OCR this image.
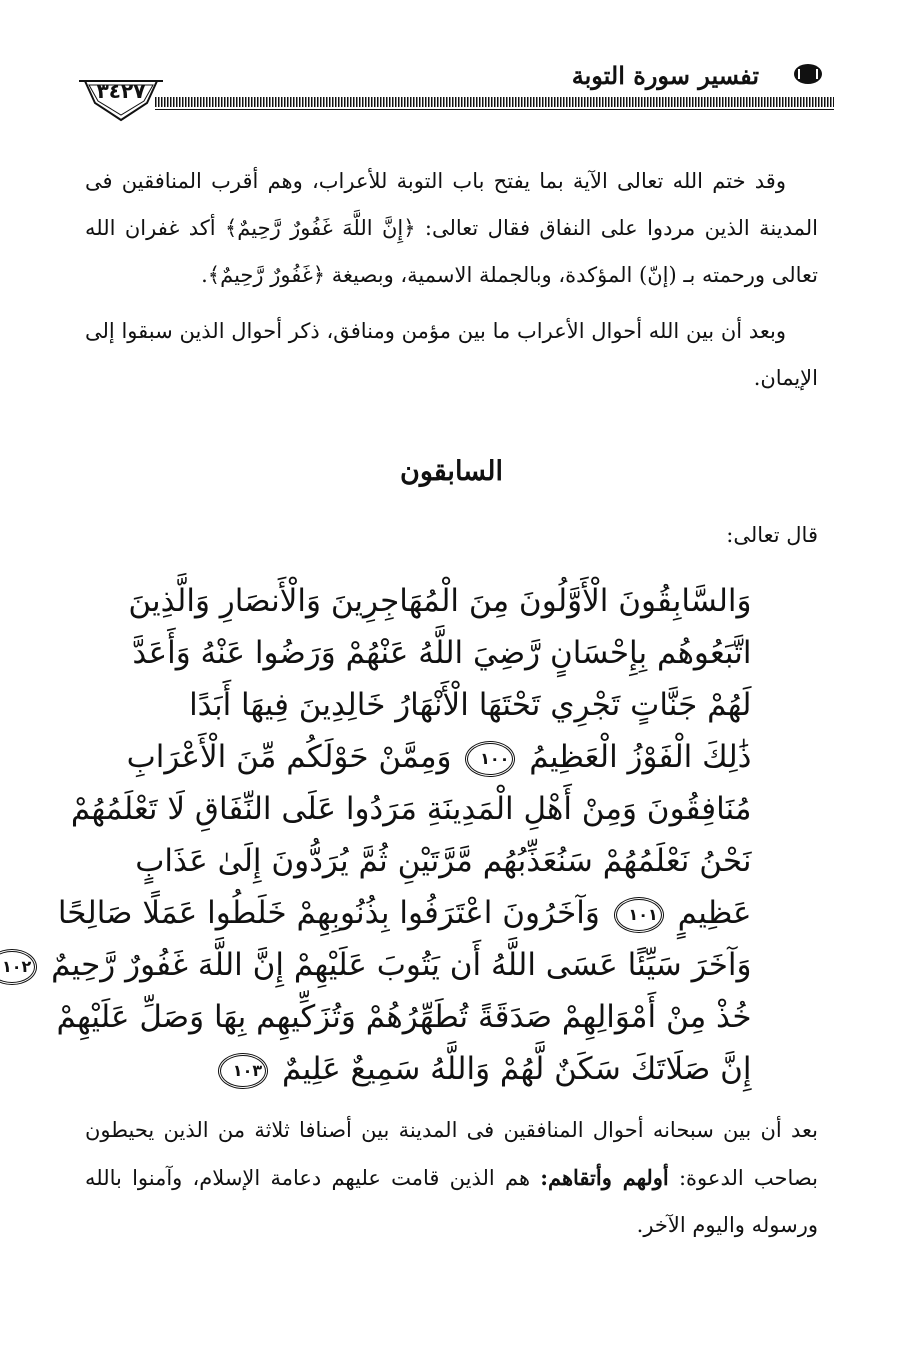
تفسير سورة التوبة
٣٤٢٧

وقد ختم الله تعالى الآية بما يفتح باب التوبة للأعراب، وهم أقرب المنافقين فى المدينة الذين مردوا على النفاق فقال تعالى: ﴿إِنَّ اللَّهَ غَفُورٌ رَّحِيمٌ﴾ أكد غفران الله تعالى ورحمته بـ (إنّ) المؤكدة، وبالجملة الاسمية، وبصيغة ﴿غَفُورٌ رَّحِيمٌ﴾.

وبعد أن بين الله أحوال الأعراب ما بين مؤمن ومنافق، ذكر أحوال الذين سبقوا إلى الإيمان.

السابقون

قال تعالى:

وَالسَّابِقُونَ الْأَوَّلُونَ مِنَ الْمُهَاجِرِينَ وَالْأَنصَارِ وَالَّذِينَ
اتَّبَعُوهُم بِإِحْسَانٍ رَّضِيَ اللَّهُ عَنْهُمْ وَرَضُوا عَنْهُ وَأَعَدَّ
لَهُمْ جَنَّاتٍ تَجْرِي تَحْتَهَا الْأَنْهَارُ خَالِدِينَ فِيهَا أَبَدًا
ذَٰلِكَ الْفَوْزُ الْعَظِيمُ ١٠٠ وَمِمَّنْ حَوْلَكُم مِّنَ الْأَعْرَابِ
مُنَافِقُونَ وَمِنْ أَهْلِ الْمَدِينَةِ مَرَدُوا عَلَى النِّفَاقِ لَا تَعْلَمُهُمْ
نَحْنُ نَعْلَمُهُمْ سَنُعَذِّبُهُم مَّرَّتَيْنِ ثُمَّ يُرَدُّونَ إِلَىٰ عَذَابٍ
عَظِيمٍ ١٠١ وَآخَرُونَ اعْتَرَفُوا بِذُنُوبِهِمْ خَلَطُوا عَمَلًا صَالِحًا
وَآخَرَ سَيِّئًا عَسَى اللَّهُ أَن يَتُوبَ عَلَيْهِمْ إِنَّ اللَّهَ غَفُورٌ رَّحِيمٌ ١٠٢
خُذْ مِنْ أَمْوَالِهِمْ صَدَقَةً تُطَهِّرُهُمْ وَتُزَكِّيهِم بِهَا وَصَلِّ عَلَيْهِمْ
إِنَّ صَلَاتَكَ سَكَنٌ لَّهُمْ وَاللَّهُ سَمِيعٌ عَلِيمٌ ١٠٣

بعد أن بين سبحانه أحوال المنافقين فى المدينة بين أصنافا ثلاثة من الذين يحيطون بصاحب الدعوة: أولهم وأتقاهم: هم الذين قامت عليهم دعامة الإسلام، وآمنوا بالله ورسوله واليوم الآخر.
